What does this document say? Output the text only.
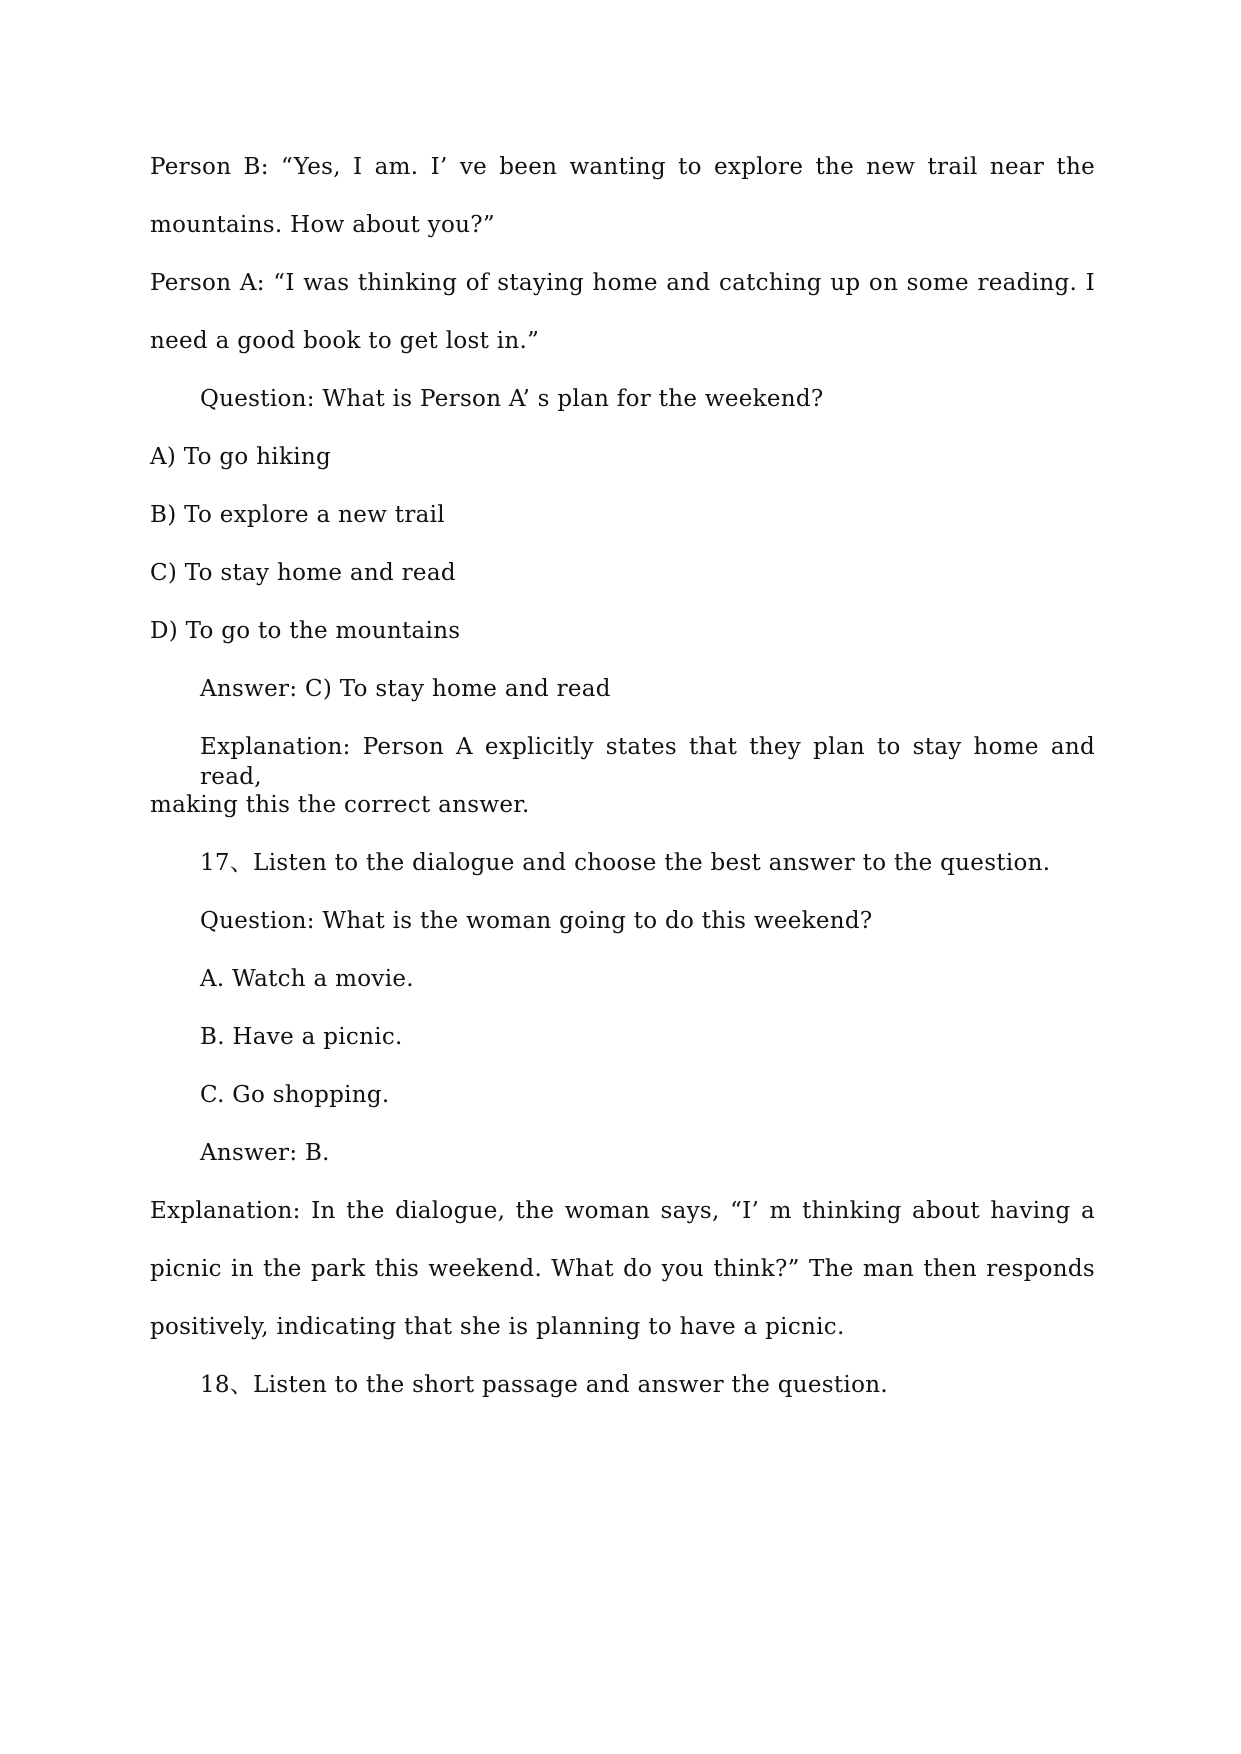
Person B: “Yes, I am. I’ ve been wanting to explore the new trail near the
mountains. How about you?”
Person A: “I was thinking of staying home and catching up on some reading. I
need a good book to get lost in.”
Question: What is Person A’ s plan for the weekend?
A) To go hiking
B) To explore a new trail
C) To stay home and read
D) To go to the mountains
Answer: C) To stay home and read
Explanation: Person A explicitly states that they plan to stay home and read,
making this the correct answer.
17、Listen to the dialogue and choose the best answer to the question.
Question: What is the woman going to do this weekend?
A. Watch a movie.
B. Have a picnic.
C. Go shopping.
Answer: B.
Explanation: In the dialogue, the woman says, “I’ m thinking about having a
picnic in the park this weekend. What do you think?” The man then responds
positively, indicating that she is planning to have a picnic.
18、Listen to the short passage and answer the question.
